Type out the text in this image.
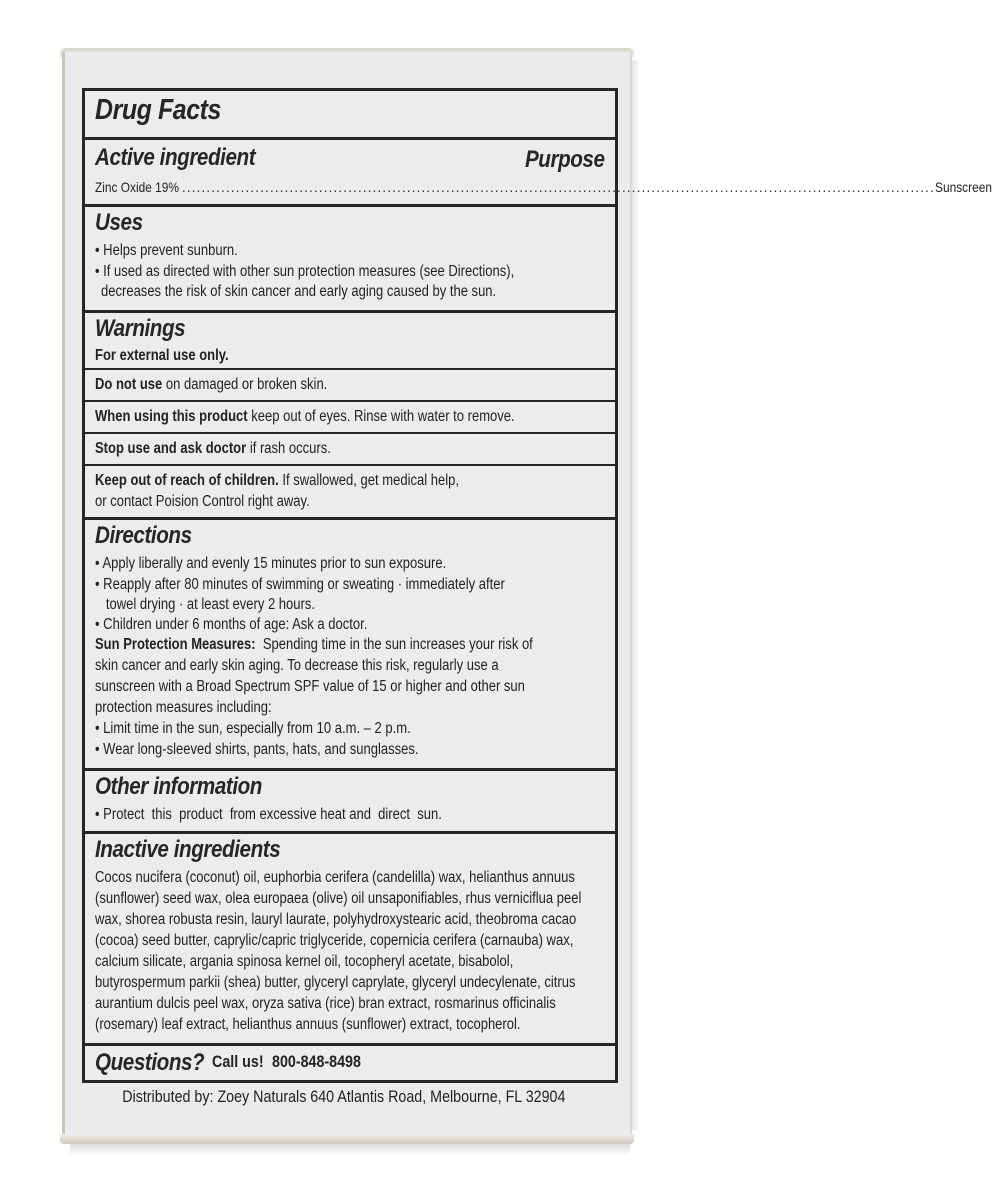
Drug Facts
Active ingredient	Purpose
Zinc Oxide 19% .......................................................................................................................................................... Sunscreen
Uses
• Helps prevent sunburn.
• If used as directed with other sun protection measures (see Directions),
decreases the risk of skin cancer and early aging caused by the sun.
Warnings
For external use only.
Do not use on damaged or broken skin.
When using this product keep out of eyes. Rinse with water to remove.
Stop use and ask doctor if rash occurs.
Keep out of reach of children. If swallowed, get medical help,
or contact Poision Control right away.
Directions
• Apply liberally and evenly 15 minutes prior to sun exposure.
• Reapply after 80 minutes of swimming or sweating · immediately after
towel drying · at least every 2 hours.
• Children under 6 months of age: Ask a doctor.
Sun Protection Measures:  Spending time in the sun increases your risk of
skin cancer and early skin aging. To decrease this risk, regularly use a
sunscreen with a Broad Spectrum SPF value of 15 or higher and other sun
protection measures including:
• Limit time in the sun, especially from 10 a.m. – 2 p.m.
• Wear long-sleeved shirts, pants, hats, and sunglasses.
Other information
• Protect  this  product  from excessive heat and  direct  sun.
Inactive ingredients
Cocos nucifera (coconut) oil, euphorbia cerifera (candelilla) wax, helianthus annuus
(sunflower) seed wax, olea europaea (olive) oil unsaponifiables, rhus verniciflua peel
wax, shorea robusta resin, lauryl laurate, polyhydroxystearic acid, theobroma cacao
(cocoa) seed butter, caprylic/capric triglyceride, copernicia cerifera (carnauba) wax,
calcium silicate, argania spinosa kernel oil, tocopheryl acetate, bisabolol,
butyrospermum parkii (shea) butter, glyceryl caprylate, glyceryl undecylenate, citrus
aurantium dulcis peel wax, oryza sativa (rice) bran extract, rosmarinus officinalis
(rosemary) leaf extract, helianthus annuus (sunflower) extract, tocopherol.
Questions? Call us! 800-848-8498
Distributed by: Zoey Naturals 640 Atlantis Road, Melbourne, FL 32904
